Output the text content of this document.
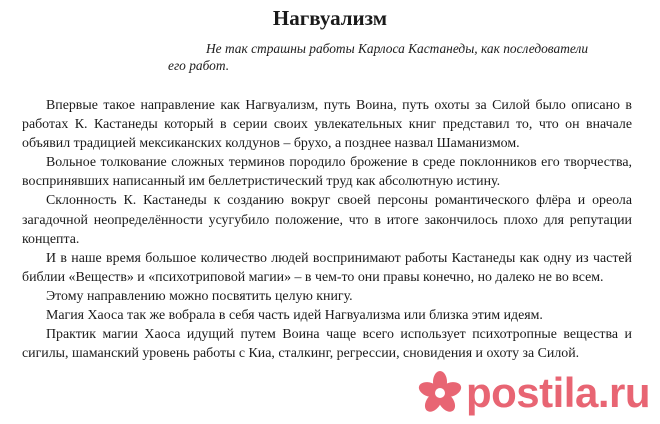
Нагвуализм
Не так страшны работы Карлоса Кастанеды, как последователи
его работ.

Впервые такое направление как Нагвуализм, путь Воина, путь охоты за Силой было описано в работах К. Кастанеды который в серии своих увлекательных книг представил то, что он вначале объявил традицией мексиканских колдунов – брухо, а позднее назвал Шаманизмом.

Вольное толкование сложных терминов породило брожение в среде поклонников его творчества, воспринявших написанный им беллетристический труд как абсолютную истину.

Склонность К. Кастанеды к созданию вокруг своей персоны романтического флёра и ореола загадочной неопределённости усугубило положение, что в итоге закончилось плохо для репутации концепта.

И в наше время большое количество людей воспринимают работы Кастанеды как одну из частей библии «Веществ» и «психотриповой магии» – в чем-то они правы конечно, но далеко не во всем.

Этому направлению можно посвятить целую книгу.

Магия Хаоса так же вобрала в себя часть идей Нагвуализма или близка этим идеям.

Практик магии Хаоса идущий путем Воина чаще всего использует психотропные вещества и сигилы, шаманский уровень работы с Киа, сталкинг, регрессии, сновидения и охоту за Силой.

postila.ru
